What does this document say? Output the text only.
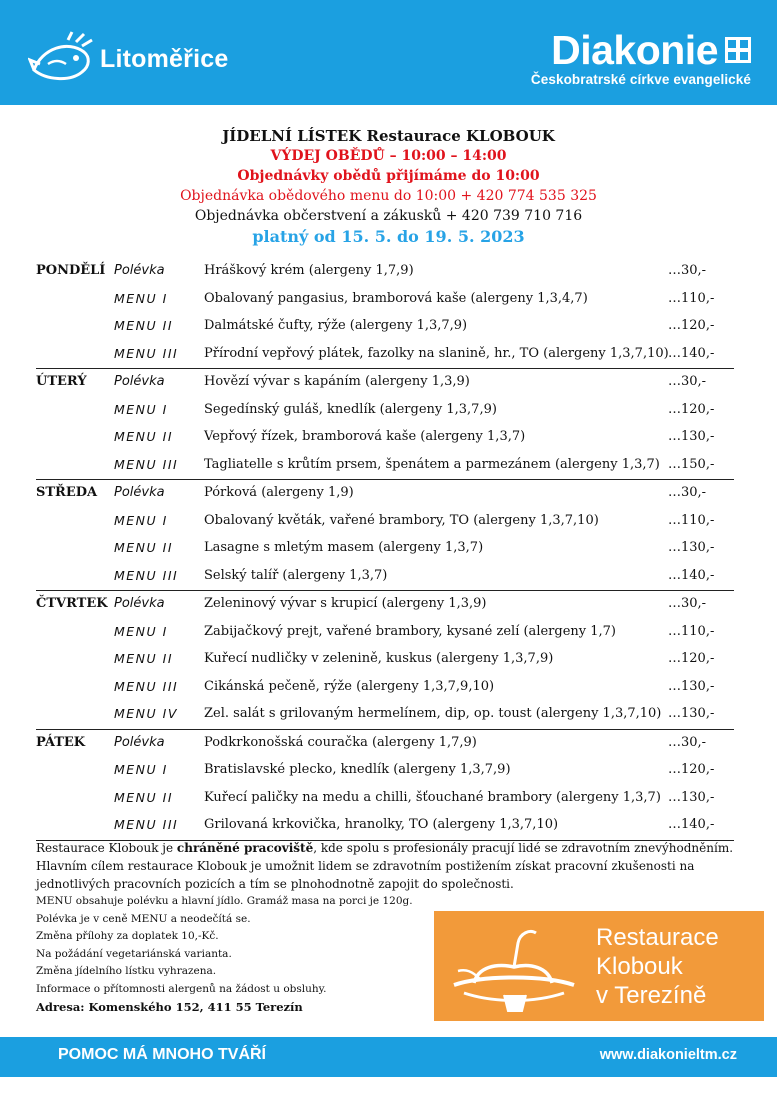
Litoměřice	Diakonie
Českobratrské církve evangelické
JÍDELNÍ LÍSTEK Restaurace KLOBOUK
VÝDEJ OBĚDŮ – 10:00 – 14:00
Objednávky obědů přijímáme do 10:00
Objednávka obědového menu do 10:00 + 420 774 535 325
Objednávka občerstvení a zákusků + 420 739 710 716
platný od 15. 5. do 19. 5. 2023
PONDĚLÍ Polévka	Hráškový krém (alergeny 1,7,9)	…30,-
MENU I	Obalovaný pangasius, bramborová kaše (alergeny 1,3,4,7)	…110,-
MENU II Dalmátské čufty, rýže (alergeny 1,3,7,9)	…120,-
MENU III Přírodní vepřový plátek, fazolky na slanině, hr., TO (alergeny 1,3,7,10) …140,-
ÚTERÝ Polévka	Hovězí vývar s kapáním (alergeny 1,3,9)	…30,-
MENU I	Segedínský guláš, knedlík (alergeny 1,3,7,9)	…120,-
MENU II Vepřový řízek, bramborová kaše (alergeny 1,3,7)	…130,-
MENU III Tagliatelle s krůtím prsem, špenátem a parmezánem (alergeny 1,3,7) …150,-
STŘEDA Polévka	Pórková (alergeny 1,9)	…30,-
MENU I	Obalovaný květák, vařené brambory, TO (alergeny 1,3,7,10)	…110,-
MENU II Lasagne s mletým masem (alergeny 1,3,7)	…130,-
MENU III Selský talíř (alergeny 1,3,7)	…140,-
ČTVRTEK Polévka	Zeleninový vývar s krupicí (alergeny 1,3,9)	…30,-
MENU I	Zabijačkový prejt, vařené brambory, kysané zelí (alergeny 1,7)	…110,-
MENU II Kuřecí nudličky v zelenině, kuskus (alergeny 1,3,7,9)	…120,-
MENU III Cikánská pečeně, rýže (alergeny 1,3,7,9,10)	…130,-
MENU IV Zel. salát s grilovaným hermelínem, dip, op. toust (alergeny 1,3,7,10) …130,-
PÁTEK Polévka	Podkrkonošská couračka (alergeny 1,7,9)	…30,-
MENU I	Bratislavské plecko, knedlík (alergeny 1,3,7,9)	…120,-
MENU II Kuřecí paličky na medu a chilli, šťouchané brambory (alergeny 1,3,7) …130,-
MENU III Grilovaná krkovička, hranolky, TO (alergeny 1,3,7,10)	…140,-
Restaurace Klobouk je chráněné pracoviště, kde spolu s profesionály pracují lidé se zdravotním znevýhodněním. Hlavním cílem restaurace Klobouk je umožnit lidem se zdravotním postižením získat pracovní zkušenosti na jednotlivých pracovních pozicích a tím se plnohodnotně zapojit do společnosti.
MENU obsahuje polévku a hlavní jídlo. Gramáž masa na porci je 120g.
Polévka je v ceně MENU a neodečítá se.
Změna přílohy za doplatek 10,-Kč.
Na požádání vegetariánská varianta.
Změna jídelního lístku vyhrazena.
Informace o přítomnosti alergenů na žádost u obsluhy.
Adresa: Komenského 152, 411 55 Terezín
Restaurace
Klobouk
v Terezíně
POMOC MÁ MNOHO TVÁŘÍ	www.diakonieltm.cz
